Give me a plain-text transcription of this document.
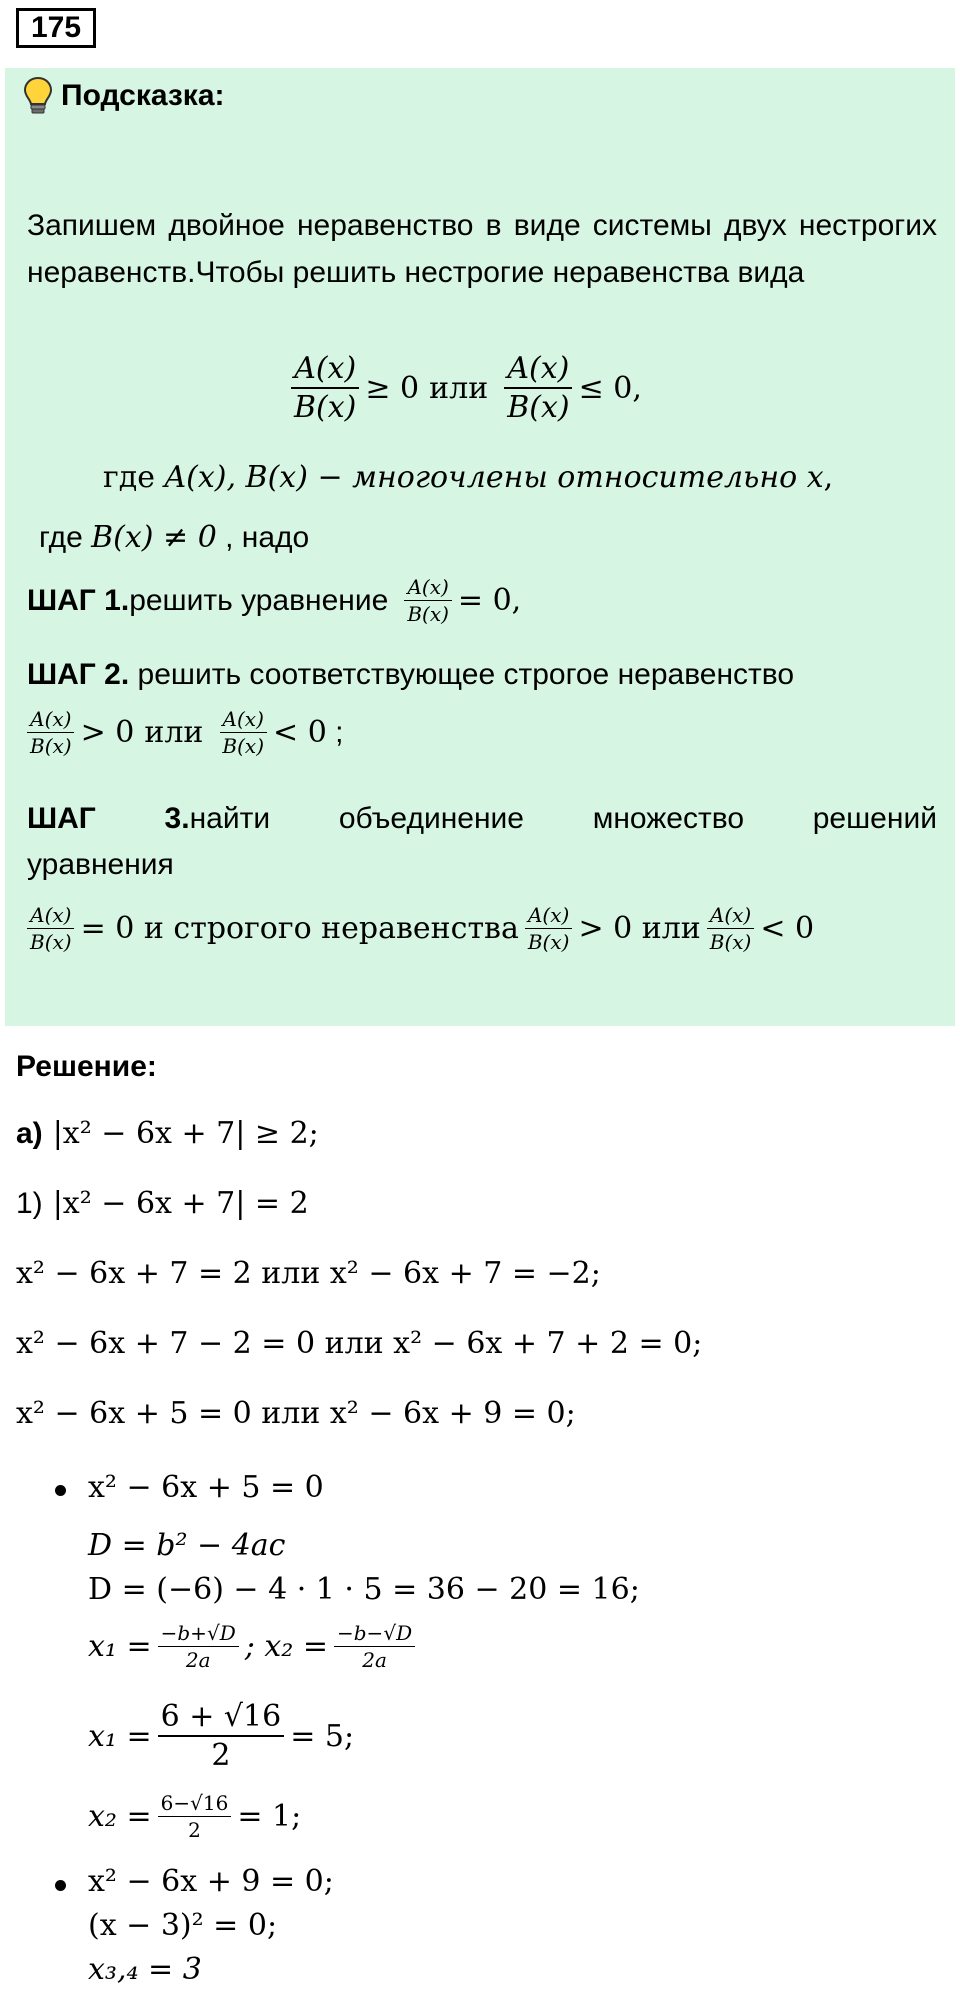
175
Подсказка:

Запишем двойное неравенство в виде системы двух нестрогих неравенств.Чтобы решить нестрогие неравенства вида

$\frac{A(x)}{B(x)} \ge 0$ или $\frac{A(x)}{B(x)} \le 0$ ,
где A(x), B(x) − многочлены относительно x ,
где B(x) ≠ 0 , надо
ШАГ 1. решить уравнение $\frac{A(x)}{B(x)} = 0$,
ШАГ 2. решить соответствующее строгое неравенство
$\frac{A(x)}{B(x)} > 0$ или $\frac{A(x)}{B(x)} < 0$ ;
ШАГ 3.найти объединение множество решений
уравнения
$\frac{A(x)}{B(x)} = 0$ и строгого неравенства $\frac{A(x)}{B(x)} > 0$ или $\frac{A(x)}{B(x)} < 0$
Решение:
а) |x² − 6x + 7| ≥ 2;
1) |x² − 6x + 7| = 2
x² − 6x + 7 = 2 или x² − 6x + 7 = −2;
x² − 6x + 7 − 2 = 0 или x² − 6x + 7 + 2 = 0;
x² − 6x + 5 = 0 или x² − 6x + 9 = 0;
x² − 6x + 5 = 0
D = b² − 4ac
D = (−6) − 4 · 1 · 5 = 36 − 20 = 16;
$x_1 = \frac{-b+√D}{2a}$ ; $x_2 = \frac{-b-√D}{2a}$
$x_1 = \frac{6 + √16}{2} = 5$;
$x_2 = \frac{6-√16}{2} = 1$;
x² − 6x + 9 = 0;
(x − 3)² = 0;
x₃,₄ = 3
